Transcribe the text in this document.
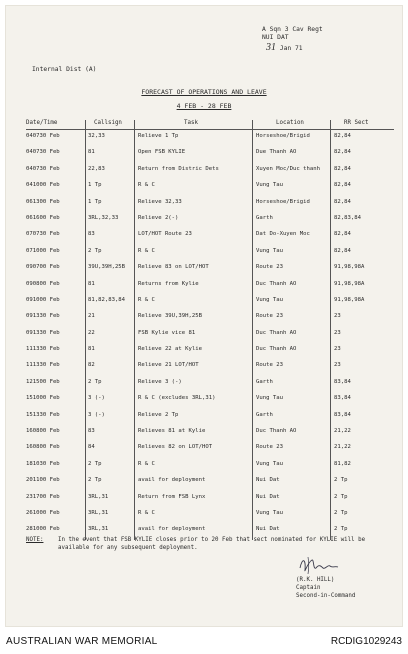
A Sqn 3 Cav Regt
NUI DAT
31 Jan 71
Internal Dist (A)
FORECAST OF OPERATIONS AND LEAVE
4 FEB - 28 FEB
Date/Time	Callsign	Task	Location	RR Sect
040730 Feb	32,33	Relieve 1 Tp	Horseshoe/Brigid	82,84
040730 Feb	81	Open FSB KYLIE	Due Thanh AO	82,84
040730 Feb	22,83	Return from Distric Dets	Xuyen Moc/Duc thanh	82,84
041000 Feb	1 Tp	R & C	Vung Tau	82,84
061300 Feb	1 Tp	Relieve 32,33	Horseshoe/Brigid	82,84
061600 Feb	3RL,32,33	Relieve 2(-)	Garth	82,83,84
070730 Feb	83	LOT/HOT Route 23	Dat Do-Xuyen Moc	82,84
071000 Feb	2 Tp	R & C	Vung Tau	82,84
090700 Feb	39U,39H,25B	Relieve 83 on LOT/HOT	Route 23	91,98,98A
090800 Feb	81	Returns from Kylie	Duc Thanh AO	91,98,98A
091000 Feb	81,82,83,84	R & C	Vung Tau	91,98,98A
091330 Feb	21	Relieve 39U,39H,25B	Route 23	23
091330 Feb	22	FSB Kylie vice 81	Duc Thanh AO	23
111330 Feb	81	Relieve 22 at Kylie	Duc Thanh AO	23
111330 Feb	82	Relieve 21 LOT/HOT	Route 23	23
121500 Feb	2 Tp	Relieve 3 (-)	Garth	83,84
151000 Feb	3 (-)	R & C (excludes 3RL,31)	Vung Tau	83,84
151330 Feb	3 (-)	Relieve 2 Tp	Garth	83,84
160800 Feb	83	Relieves 81 at Kylie	Duc Thanh AO	21,22
160800 Feb	84	Relieves 82 on LOT/HOT	Route 23	21,22
181030 Feb	2 Tp	R & C	Vung Tau	81,82
201100 Feb	2 Tp	avail for deployment	Nui Dat	2 Tp
231700 Feb	3RL,31	Return from FSB Lynx	Nui Dat	2 Tp
261000 Feb	3RL,31	R & C	Vung Tau	2 Tp
281000 Feb	3RL,31	avail for deployment	Nui Dat	2 Tp
NOTE:	In the event that FSB KYLIE closes prior to 20 Feb that sect nominated for KYLIE will be available for any subsequent deployment.
(R.K. HILL)
Captain
Second-in-Command
AUSTRALIAN WAR MEMORIAL	RCDIG1029243
